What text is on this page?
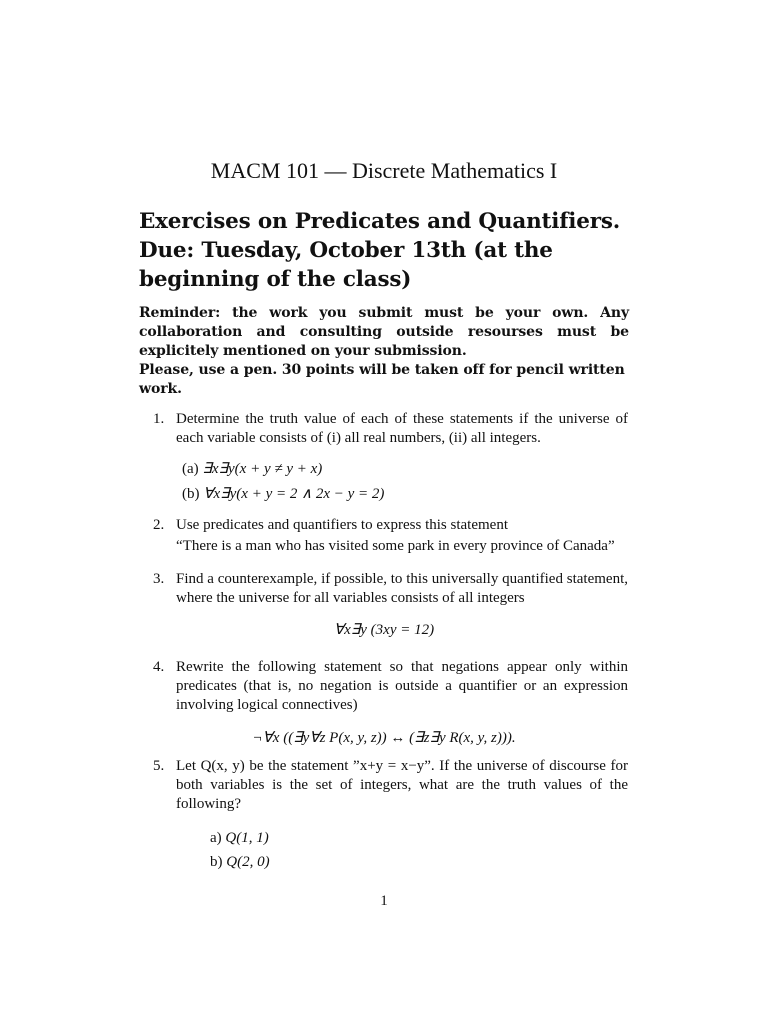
MACM 101 — Discrete Mathematics I
Exercises on Predicates and Quantifiers. Due: Tuesday, October 13th (at the beginning of the class)

Reminder: the work you submit must be your own. Any collaboration and consulting outside resourses must be explicitely mentioned on your submission.

Please, use a pen. 30 points will be taken off for pencil written work.

1. Determine the truth value of each of these statements if the universe of each variable consists of (i) all real numbers, (ii) all integers.
(a) ∃x∃y(x + y ≠ y + x)
(b) ∀x∃y(x + y = 2 ∧ 2x − y = 2)
2. Use predicates and quantifiers to express this statement
“There is a man who has visited some park in every province of Canada”
3. Find a counterexample, if possible, to this universally quantified statement, where the universe for all variables consists of all integers
∀x∃y (3xy = 12)
4. Rewrite the following statement so that negations appear only within predicates (that is, no negation is outside a quantifier or an expression involving logical connectives)
¬∀x ((∃y∀z P(x, y, z)) ↔ (∃z∃y R(x, y, z))).
5. Let Q(x, y) be the statement ”x+y = x−y”. If the universe of discourse for both variables is the set of integers, what are the truth values of the following?
a) Q(1, 1)
b) Q(2, 0)
1
